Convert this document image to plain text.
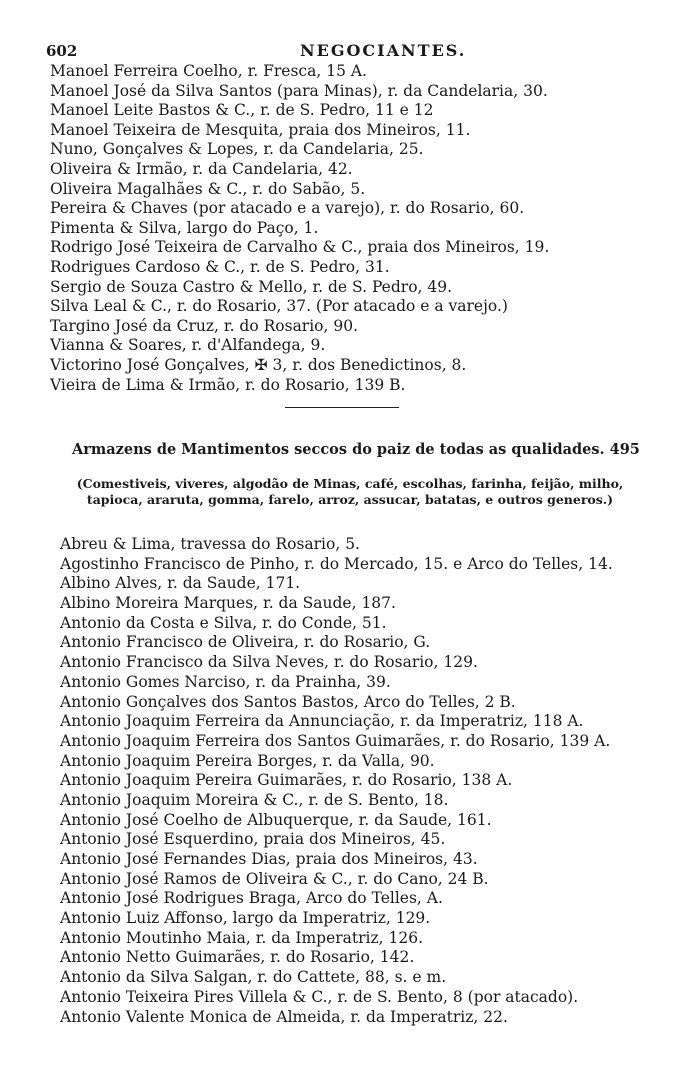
602	NEGOCIANTES.
Manoel Ferreira Coelho, r. Fresca, 15 A.
Manoel José da Silva Santos (para Minas), r. da Candelaria, 30.
Manoel Leite Bastos & C., r. de S. Pedro, 11 e 12
Manoel Teixeira de Mesquita, praia dos Mineiros, 11.
Nuno, Gonçalves & Lopes, r. da Candelaria, 25.
Oliveira & Irmão, r. da Candelaria, 42.
Oliveira Magalhães & C., r. do Sabão, 5.
Pereira & Chaves (por atacado e a varejo), r. do Rosario, 60.
Pimenta & Silva, largo do Paço, 1.
Rodrigo José Teixeira de Carvalho & C., praia dos Mineiros, 19.
Rodrigues Cardoso & C., r. de S. Pedro, 31.
Sergio de Souza Castro & Mello, r. de S. Pedro, 49.
Silva Leal & C., r. do Rosario, 37. (Por atacado e a varejo.)
Targino José da Cruz, r. do Rosario, 90.
Vianna & Soares, r. d'Alfandega, 9.
Victorino José Gonçalves, ✠ 3, r. dos Benedictinos, 8.
Vieira de Lima & Irmão, r. do Rosario, 139 B.
Armazens de Mantimentos seccos do paiz de todas as qualidades. 495
(Comestiveis, viveres, algodão de Minas, café, escolhas, farinha, feijão, milho, tapioca, araruta, gomma, farelo, arroz, assucar, batatas, e outros generos.)
Abreu & Lima, travessa do Rosario, 5.
Agostinho Francisco de Pinho, r. do Mercado, 15. e Arco do Telles, 14.
Albino Alves, r. da Saude, 171.
Albino Moreira Marques, r. da Saude, 187.
Antonio da Costa e Silva, r. do Conde, 51.
Antonio Francisco de Oliveira, r. do Rosario, G.
Antonio Francisco da Silva Neves, r. do Rosario, 129.
Antonio Gomes Narciso, r. da Prainha, 39.
Antonio Gonçalves dos Santos Bastos, Arco do Telles, 2 B.
Antonio Joaquim Ferreira da Annunciação, r. da Imperatriz, 118 A.
Antonio Joaquim Ferreira dos Santos Guimarães, r. do Rosario, 139 A.
Antonio Joaquim Pereira Borges, r. da Valla, 90.
Antonio Joaquim Pereira Guimarães, r. do Rosario, 138 A.
Antonio Joaquim Moreira & C., r. de S. Bento, 18.
Antonio José Coelho de Albuquerque, r. da Saude, 161.
Antonio José Esquerdino, praia dos Mineiros, 45.
Antonio José Fernandes Dias, praia dos Mineiros, 43.
Antonio José Ramos de Oliveira & C., r. do Cano, 24 B.
Antonio José Rodrigues Braga, Arco do Telles, A.
Antonio Luiz Affonso, largo da Imperatriz, 129.
Antonio Moutinho Maia, r. da Imperatriz, 126.
Antonio Netto Guimarães, r. do Rosario, 142.
Antonio da Silva Salgan, r. do Cattete, 88, s. e m.
Antonio Teixeira Pires Villela & C., r. de S. Bento, 8 (por atacado).
Antonio Valente Monica de Almeida, r. da Imperatriz, 22.
